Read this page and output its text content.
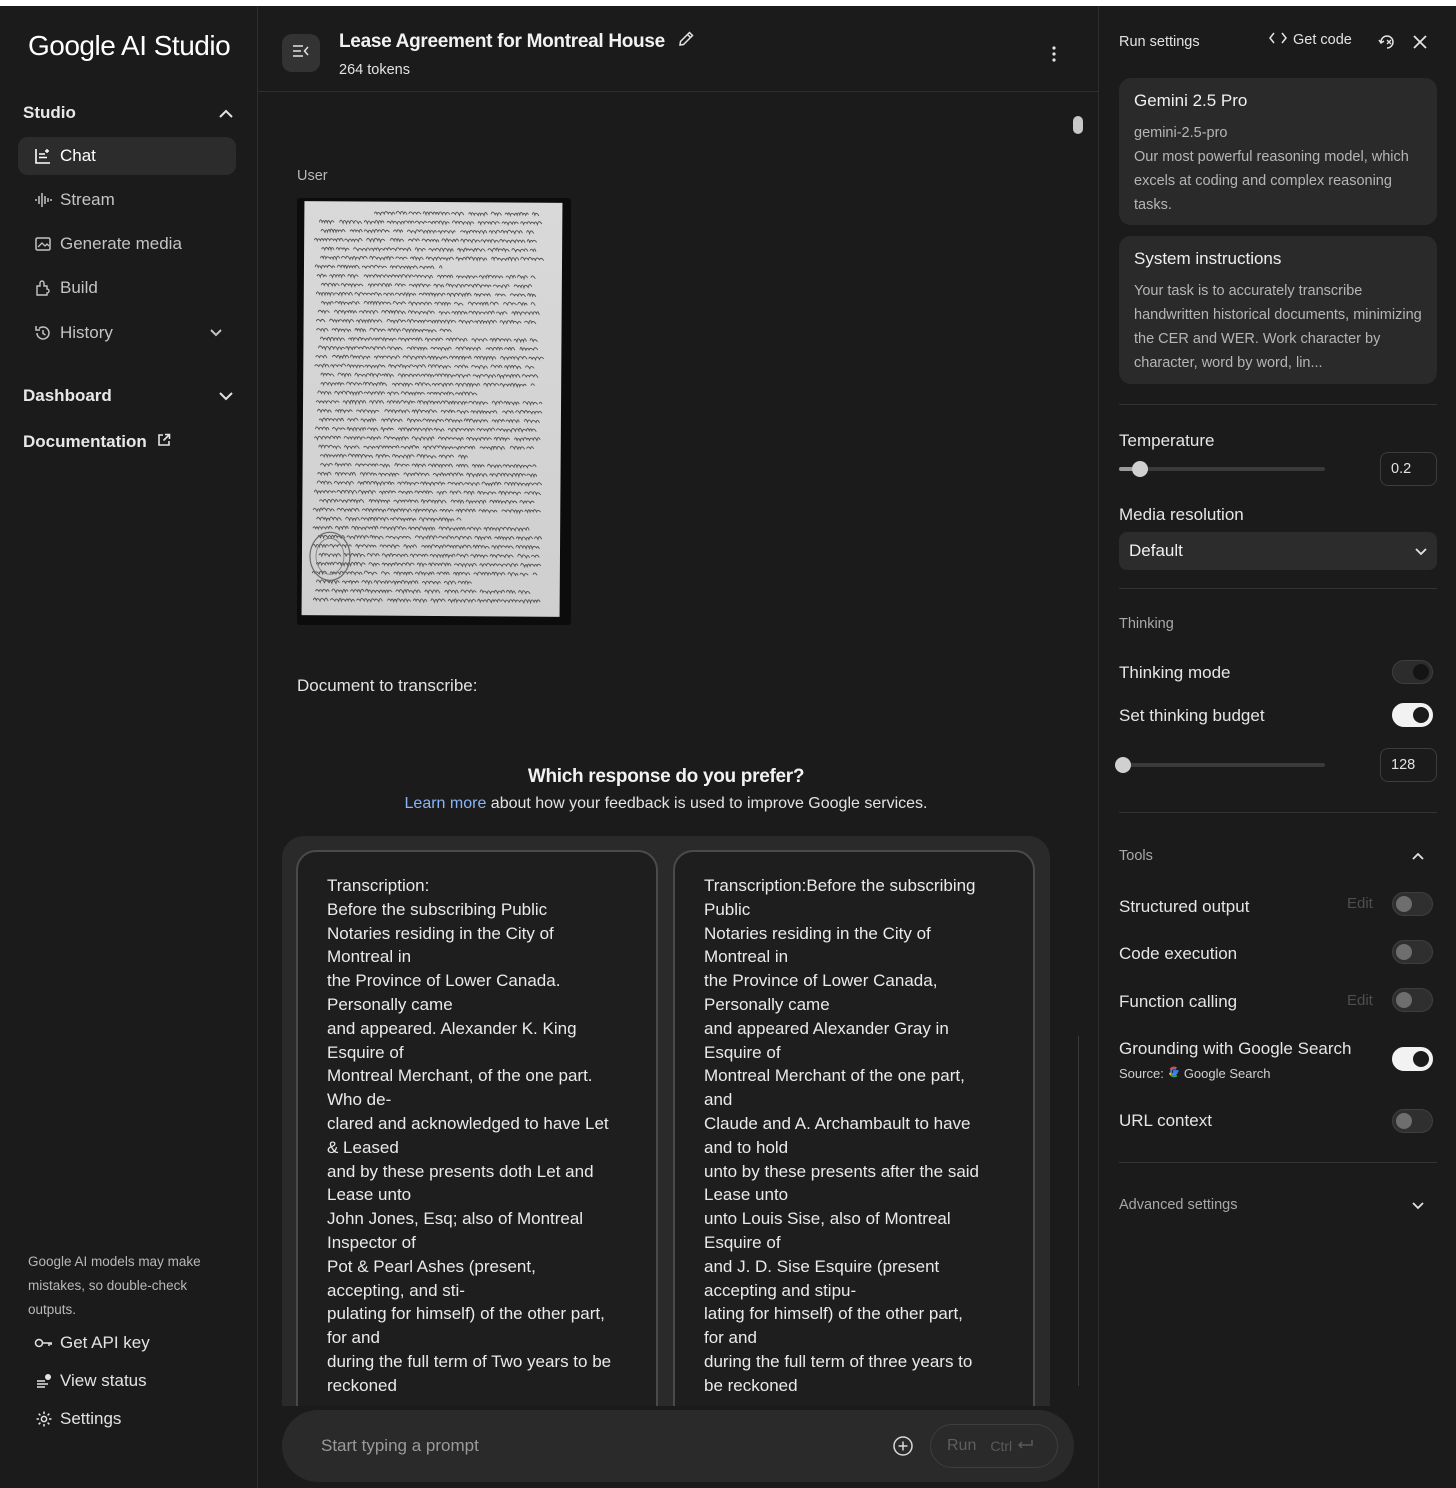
Google AI Studio
Studio
Chat
Stream
Generate media
Build
History
Dashboard
Documentation
Google AI models may make mistakes, so double-check outputs.
Get API key
View status
Settings
Lease Agreement for Montreal House
264 tokens
User
Document to transcribe:
Which response do you prefer?
Learn more about how your feedback is used to improve Google services.
Transcription:
Before the subscribing Public
Notaries residing in the City of
Montreal in
the Province of Lower Canada.
Personally came
and appeared. Alexander K. King
Esquire of
Montreal Merchant, of the one part.
Who de-
clared and acknowledged to have Let
& Leased
and by these presents doth Let and
Lease unto
John Jones, Esq; also of Montreal
Inspector of
Pot & Pearl Ashes (present,
accepting, and sti-
pulating for himself) of the other part,
for and
during the full term of Two years to be
reckoned
Transcription:Before the subscribing
Public
Notaries residing in the City of
Montreal in
the Province of Lower Canada,
Personally came
and appeared Alexander Gray in
Esquire of
Montreal Merchant of the one part,
and
Claude and A. Archambault to have
and to hold
unto by these presents after the said
Lease unto
unto Louis Sise, also of Montreal
Esquire of
and J. D. Sise Esquire (present
accepting and stipu-
lating for himself) of the other part,
for and
during the full term of three years to
be reckoned
Start typing a prompt	Run Ctrl
Run settings	Get code
Gemini 2.5 Pro
gemini-2.5-pro
Our most powerful reasoning model, which excels at coding and complex reasoning tasks.
System instructions
Your task is to accurately transcribe handwritten historical documents, minimizing the CER and WER. Work character by character, word by word, lin...
Temperature
0.2
Media resolution
Default
Thinking
Thinking mode
Set thinking budget
128
Tools
Structured output	Edit
Code execution
Function calling	Edit
Grounding with Google Search
Source: Google Search
URL context
Advanced settings
